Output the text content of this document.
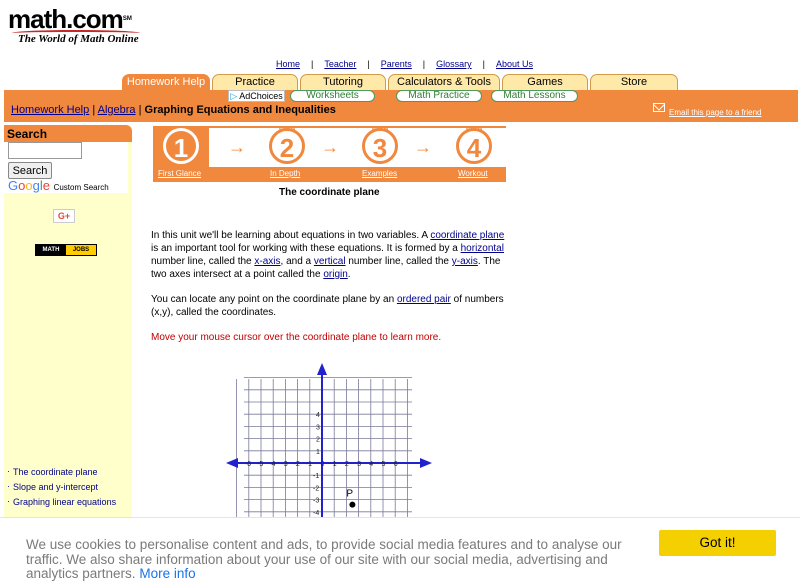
math.com℠
The World of Math Online
Home | Teacher | Parents | Glossary | About Us
Homework Help	Practice	Tutoring	Calculators & Tools	Games	Store
▷ AdChoices	Worksheets	Math Practice	Math Lessons
Homework Help | Algebra | Graphing Equations and Inequalities	Email this page to a friend
Search
Search
Google Custom Search
G+
MATH	JOBS
· The coordinate plane
· Slope and y-intercept
· Graphing linear equations
1	→	2	→	3	→	4
First Glance	In Depth	Examples	Workout
The coordinate plane

In this unit we'll be learning about equations in two variables. A coordinate plane is an important tool for working with these equations. It is formed by a horizontal number line, called the x-axis, and a vertical number line, called the y-axis. The two axes intersect at a point called the origin.

You can locate any point on the coordinate plane by an ordered pair of numbers (x,y), called the coordinates.

Move your mouse cursor over the coordinate plane to learn more.

-6 -5 -4 -3 -2 -1 0 1 2 3 4 5 6
4
3
2
1
-1
-2
-3
-4
P
We use cookies to personalise content and ads, to provide social media features and to analyse our traffic. We also share information about your use of our site with our social media, advertising and analytics partners. More info
Got it!
